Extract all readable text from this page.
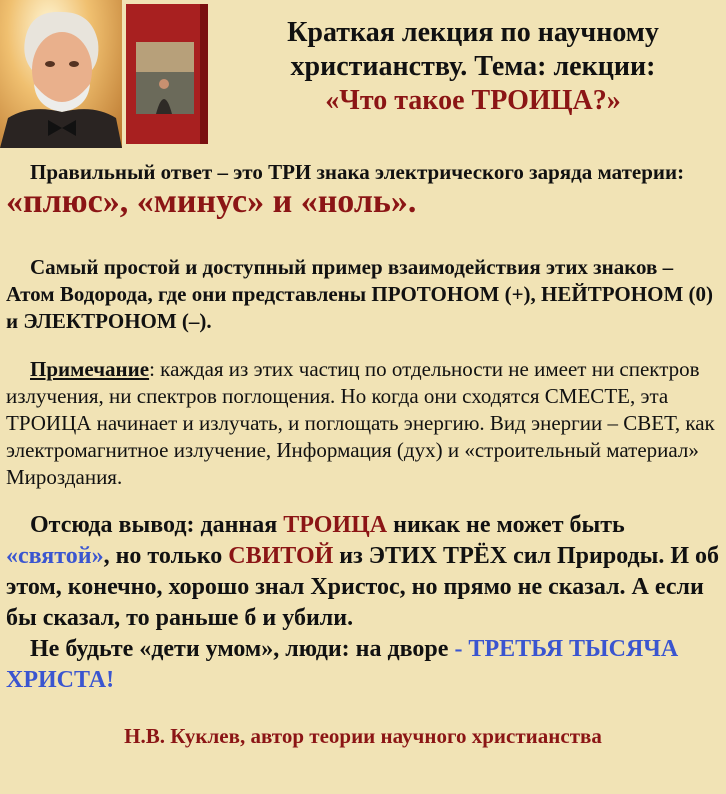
Краткая лекция по научному
христианству. Тема: лекции:
«Что такое ТРОИЦА?»
Правильный ответ – это ТРИ знака электрического заряда материи: «плюс», «минус» и «ноль».
Самый простой и доступный пример взаимодействия этих знаков – Атом Водорода, где они представлены ПРОТОНОМ (+), НЕЙТРОНОМ (0) и ЭЛЕКТРОНОМ (–).
Примечание: каждая из этих частиц по отдельности не имеет ни спектров излучения, ни спектров поглощения. Но когда они сходятся СМЕСТЕ, эта ТРОИЦА начинает и излучать, и поглощать энергию. Вид энергии – СВЕТ, как электромагнитное излучение, Информация (дух) и «строительный материал» Мироздания.
Отсюда вывод: данная ТРОИЦА никак не может быть «святой», но только СВИТОЙ из ЭТИХ ТРЁХ сил Природы. И об этом, конечно, хорошо знал Христос, но прямо не сказал. А если бы сказал, то раньше б и убили.
Не будьте «дети умом», люди: на дворе - ТРЕТЬЯ ТЫСЯЧА ХРИСТА!
Н.В. Куклев, автор теории научного христианства
